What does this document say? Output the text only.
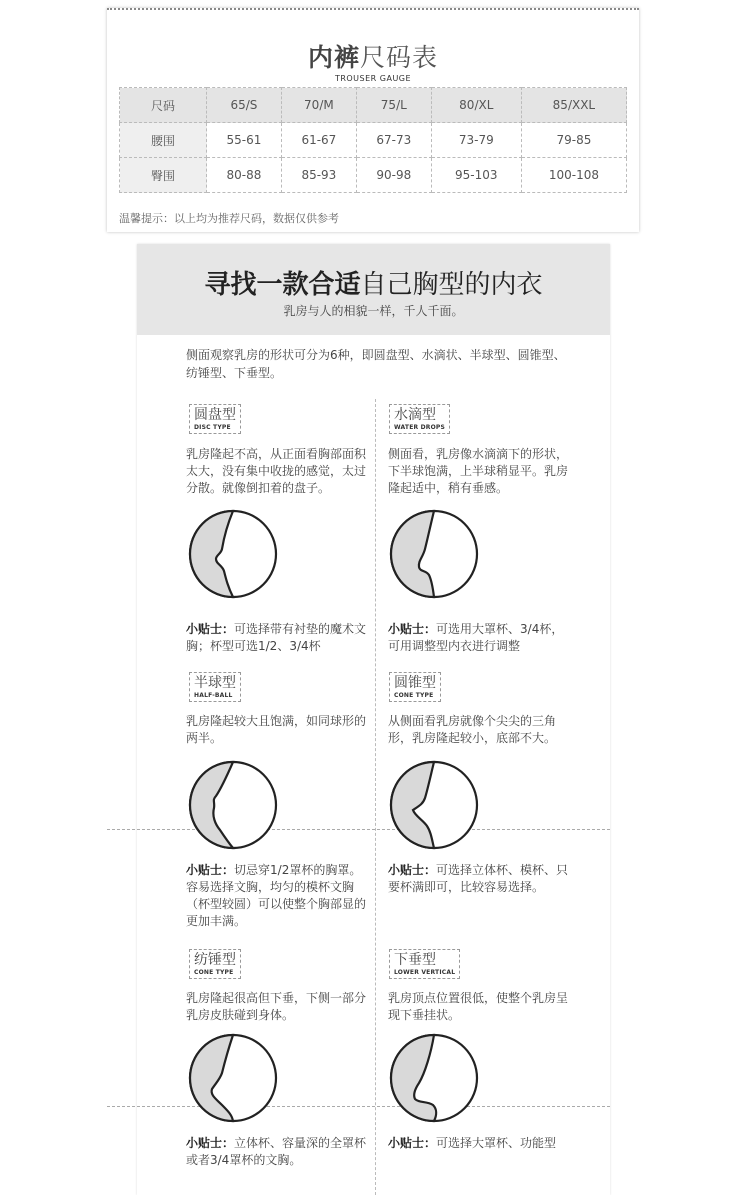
内裤尺码表
TROUSER GAUGE
尺码	65/S	70/M	75/L	80/XL	85/XXL
腰围	55-61	61-67	67-73	73-79	79-85
臀围	80-88	85-93	90-98	95-103	100-108
温馨提示：以上均为推荐尺码，数据仅供参考
寻找一款合适自己胸型的内衣
乳房与人的相貌一样，千人千面。
侧面观察乳房的形状可分为6种，即圆盘型、水滴状、半球型、圆锥型、纺锤型、下垂型。
圆盘型
DISC TYPE
乳房隆起不高，从正面看胸部面积太大，没有集中收拢的感觉，太过分散。就像倒扣着的盘子。
小贴士：可选择带有衬垫的魔术文胸；杯型可选1/2、3/4杯
水滴型
WATER DROPS
侧面看，乳房像水滴滴下的形状，下半球饱满，上半球稍显平。乳房隆起适中，稍有垂感。
小贴士：可选用大罩杯、3/4杯，可用调整型内衣进行调整
半球型
HALF-BALL
乳房隆起较大且饱满，如同球形的两半。
小贴士：切忌穿1/2罩杯的胸罩。容易选择文胸，均匀的模杯文胸（杯型较圆）可以使整个胸部显的更加丰满。
圆锥型
CONE TYPE
从侧面看乳房就像个尖尖的三角形，乳房隆起较小，底部不大。
小贴士：可选择立体杯、模杯、只要杯满即可，比较容易选择。
纺锤型
CONE TYPE
乳房隆起很高但下垂，下侧一部分乳房皮肤碰到身体。
小贴士：立体杯、容量深的全罩杯或者3/4罩杯的文胸。
下垂型
LOWER VERTICAL
乳房顶点位置很低，使整个乳房呈现下垂挂状。
小贴士：可选择大罩杯、功能型
